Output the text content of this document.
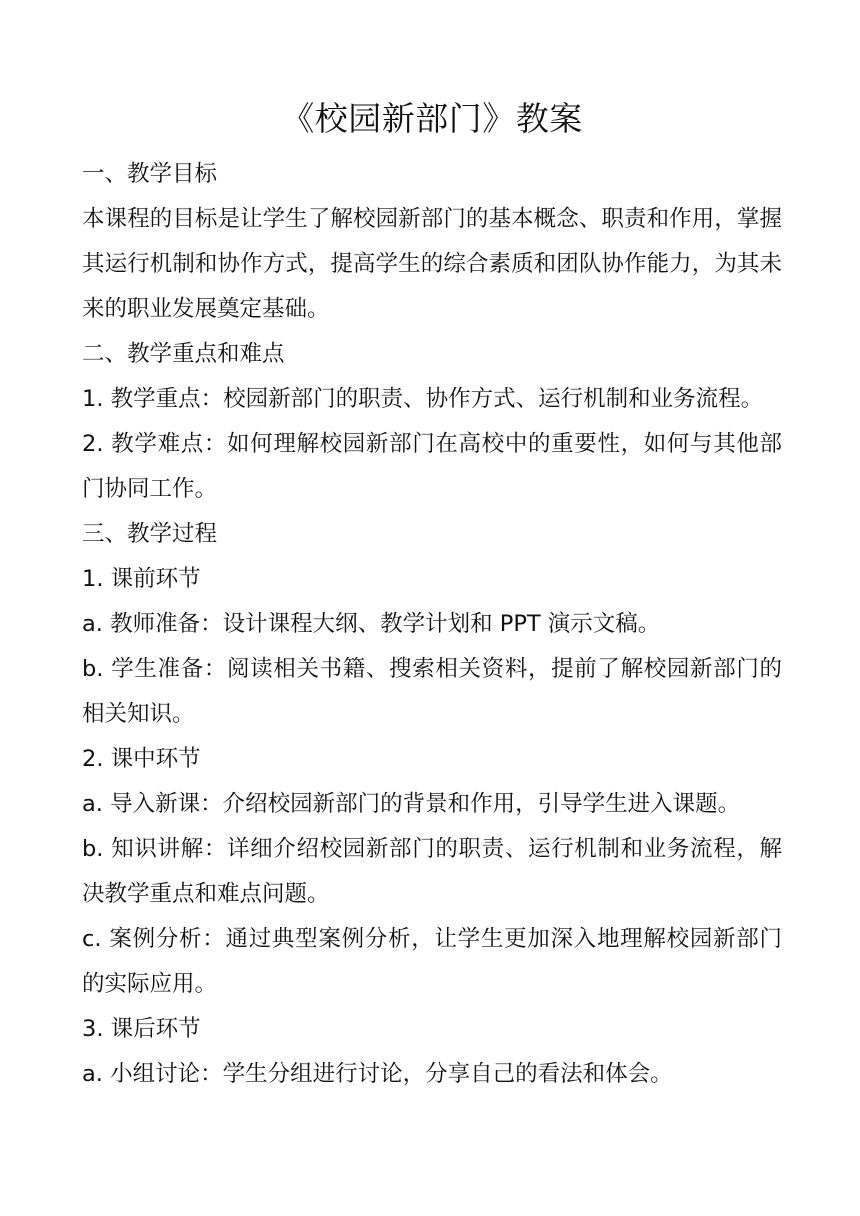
《校园新部门》教案

一、教学目标

本课程的目标是让学生了解校园新部门的基本概念、职责和作用，掌握其运行机制和协作方式，提高学生的综合素质和团队协作能力，为其未来的职业发展奠定基础。

二、教学重点和难点

1. 教学重点：校园新部门的职责、协作方式、运行机制和业务流程。

2. 教学难点：如何理解校园新部门在高校中的重要性，如何与其他部门协同工作。

三、教学过程

1. 课前环节

a. 教师准备：设计课程大纲、教学计划和 PPT 演示文稿。

b. 学生准备：阅读相关书籍、搜索相关资料，提前了解校园新部门的相关知识。

2. 课中环节

a. 导入新课：介绍校园新部门的背景和作用，引导学生进入课题。

b. 知识讲解：详细介绍校园新部门的职责、运行机制和业务流程，解决教学重点和难点问题。

c. 案例分析：通过典型案例分析，让学生更加深入地理解校园新部门的实际应用。

3. 课后环节

a. 小组讨论：学生分组进行讨论，分享自己的看法和体会。
